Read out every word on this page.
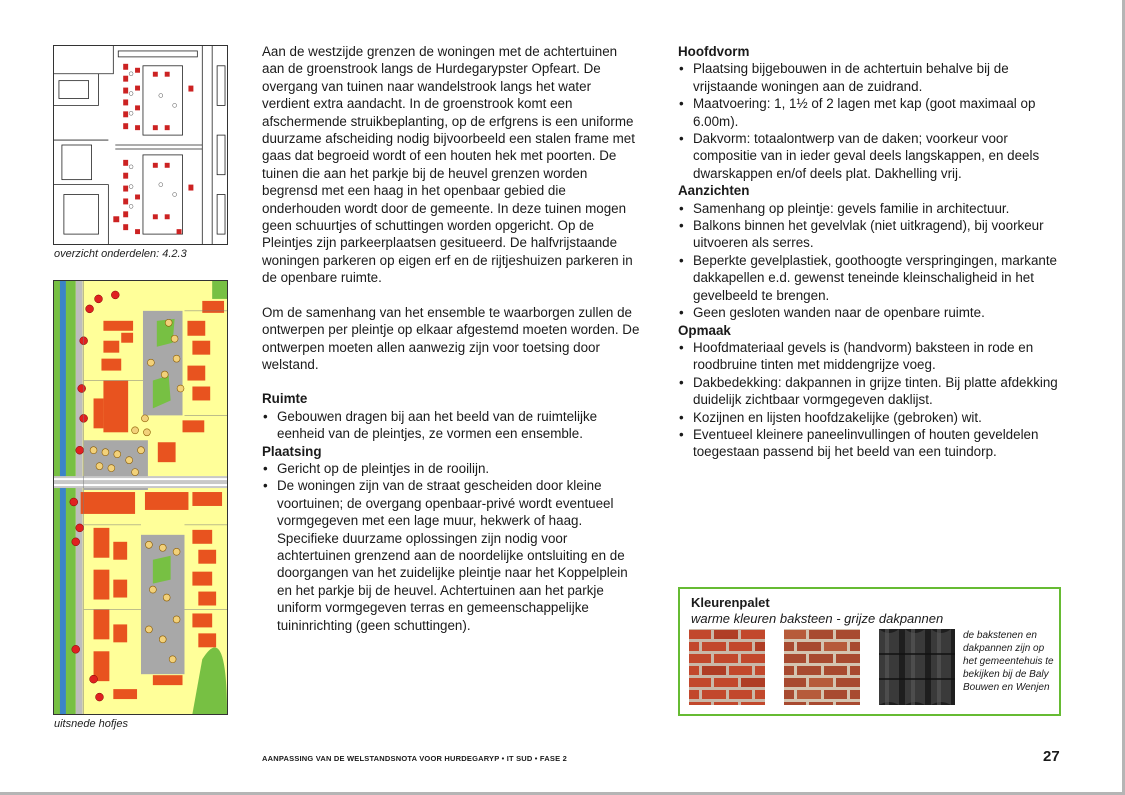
overzicht onderdelen: 4.2.3
uitsnede hofjes

Aan de westzijde grenzen de woningen met de achtertuinen aan de groenstrook langs de Hurdegarypster Opfeart. De overgang van tuinen naar wandelstrook langs het water verdient extra aandacht. In de groenstrook komt een afschermende struikbeplanting, op de erfgrens is een uniforme duurzame afscheiding nodig bijvoorbeeld een stalen frame met gaas dat begroeid wordt of een houten hek met poorten. De tuinen die aan het parkje bij de heuvel grenzen worden begrensd met een haag in het openbaar gebied die onderhouden wordt door de gemeente. In deze tuinen mogen geen schuurtjes of schuttingen worden opgericht. Op de Pleintjes zijn parkeerplaatsen gesitueerd. De halfvrijstaande woningen parkeren op eigen erf en de rijtjeshuizen parkeren in de openbare ruimte.

Om de samenhang van het ensemble te waarborgen zullen de ontwerpen per pleintje op elkaar afgestemd moeten worden. De ontwerpen moeten allen aanwezig zijn voor toetsing door welstand.

Ruimte
• Gebouwen dragen bij aan het beeld van de ruimtelijke eenheid van de pleintjes, ze vormen een ensemble.
Plaatsing
• Gericht op de pleintjes in de rooilijn.
• De woningen zijn van de straat gescheiden door kleine voortuinen; de overgang openbaar-privé wordt eventueel vormgegeven met een lage muur, hekwerk of haag. Specifieke duurzame oplossingen zijn nodig voor achtertuinen grenzend aan de noordelijke ontsluiting en de doorgangen van het zuidelijke pleintje naar het Koppelplein en het parkje bij de heuvel. Achtertuinen aan het parkje uniform vormgegeven terras en gemeenschappelijke tuininrichting (geen schuttingen).
Hoofdvorm
• Plaatsing bijgebouwen in de achtertuin behalve bij de vrijstaande woningen aan de zuidrand.
• Maatvoering: 1, 1½ of 2 lagen met kap (goot maximaal op 6.00m).
• Dakvorm: totaalontwerp van de daken; voorkeur voor compositie van in ieder geval deels langskappen, en deels dwarskappen en/of deels plat. Dakhelling vrij.
Aanzichten
• Samenhang op pleintje: gevels familie in architectuur.
• Balkons binnen het gevelvlak (niet uitkragend), bij voorkeur uitvoeren als serres.
• Beperkte gevelplastiek, goothoogte verspringingen, markante dakkapellen e.d. gewenst teneinde kleinschaligheid in het gevelbeeld te brengen.
• Geen gesloten wanden naar de openbare ruimte.
Opmaak
• Hoofdmateriaal gevels is (handvorm) baksteen in rode en roodbruine tinten met middengrijze voeg.
• Dakbedekking: dakpannen in grijze tinten. Bij platte afdekking duidelijk zichtbaar vormgegeven daklijst.
• Kozijnen en lijsten hoofdzakelijke (gebroken) wit.
• Eventueel kleinere paneelinvullingen of houten geveldelen toegestaan passend bij het beeld van een tuindorp.
Kleurenpalet
warme kleuren baksteen - grijze dakpannen
de bakstenen en dakpannen zijn op het gemeentehuis te bekijken bij de Baly Bouwen en Wenjen
AANPASSING VAN DE WELSTANDSNOTA VOOR HURDEGARYP • IT SUD • FASE 2	27
